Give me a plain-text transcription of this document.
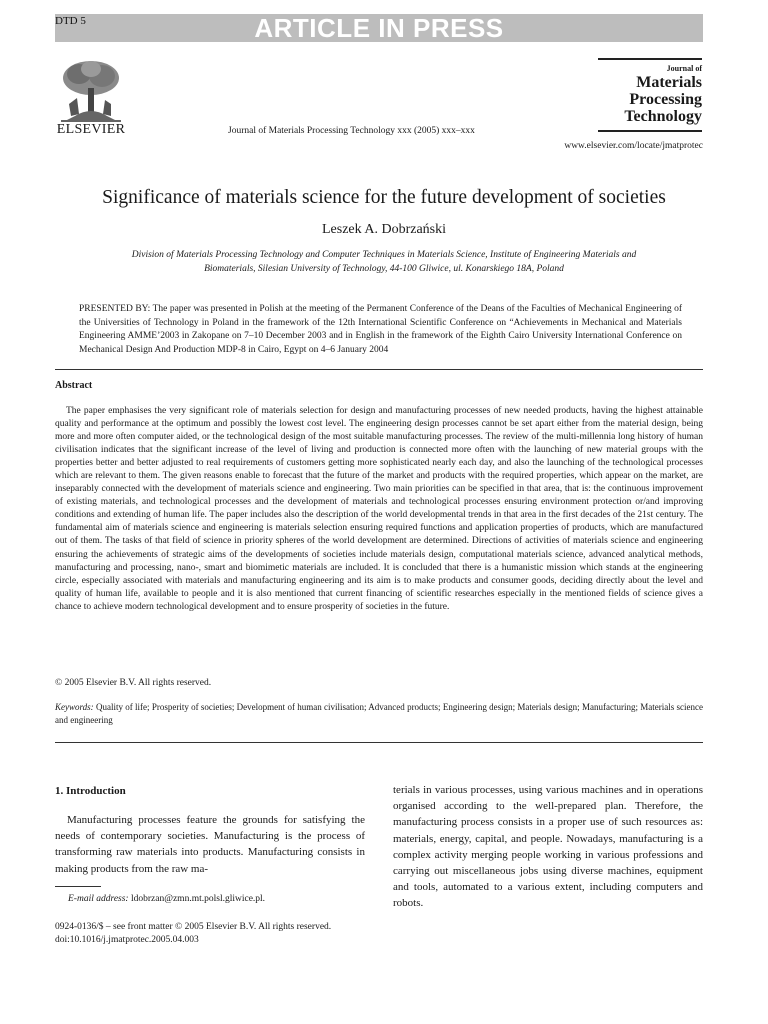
ARTICLE IN PRESS
DTD 5
ELSEVIER	Journal of Materials Processing Technology xxx (2005) xxx–xxx
Journal of
Materials
Processing
Technology
www.elsevier.com/locate/jmatprotec
Significance of materials science for the future development of societies
Leszek A. Dobrzański
Division of Materials Processing Technology and Computer Techniques in Materials Science, Institute of Engineering Materials and Biomaterials, Silesian University of Technology, 44-100 Gliwice, ul. Konarskiego 18A, Poland
PRESENTED BY: The paper was presented in Polish at the meeting of the Permanent Conference of the Deans of the Faculties of Mechanical Engineering of the Universities of Technology in Poland in the framework of the 12th International Scientific Conference on “Achievements in Mechanical and Materials Engineering AMME’2003 in Zakopane on 7–10 December 2003 and in English in the framework of the Eighth Cairo University International Conference on Mechanical Design And Production MDP-8 in Cairo, Egypt on 4–6 January 2004
Abstract
The paper emphasises the very significant role of materials selection for design and manufacturing processes of new needed products, having the highest attainable quality and performance at the optimum and possibly the lowest cost level. The engineering design processes cannot be set apart either from the material design, being more and more often computer aided, or the technological design of the most suitable manufacturing processes. The review of the multi-millennia long history of human civilisation indicates that the significant increase of the level of living and production is connected more often with the launching of new material groups with the properties better and better adjusted to real requirements of customers getting more sophisticated nearly each day, and also the launching of the technological processes which are relevant to them. The given reasons enable to forecast that the future of the market and products with the required properties, which appear on the market, are inseparably connected with the development of materials science and engineering. Two main priorities can be specified in that area, that is: the continuous improvement of existing materials, and technological processes and the development of materials and technological processes ensuring environment protection or/and improving conditions and extending of human life. The paper includes also the description of the world developmental trends in that area in the first decades of the 21st century. The fundamental aim of materials science and engineering is materials selection ensuring required functions and application properties of products, which are manufactured out of them. The tasks of that field of science in priority spheres of the world development are determined. Directions of activities of materials science and engineering ensuring the achievements of strategic aims of the developments of societies include materials design, computational materials science, advanced analytical methods, manufacturing and processing, nano-, smart and biomimetic materials are included. It is concluded that there is a humanistic mission which stands at the engineering circle, especially associated with materials and manufacturing engineering and its aim is to make products and consumer goods, deciding directly about the level and quality of human life, available to people and it is also mentioned that current financing of scientific researches especially in the mentioned fields of science gives a chance to achieve modern technological development and to ensure prosperity of societies in the future.
© 2005 Elsevier B.V. All rights reserved.
Keywords: Quality of life; Prosperity of societies; Development of human civilisation; Advanced products; Engineering design; Materials design; Manufacturing; Materials science and engineering
1. Introduction
Manufacturing processes feature the grounds for satisfying the needs of contemporary societies. Manufacturing is the process of transforming raw materials into products. Manufacturing consists in making products from the raw ma-
terials in various processes, using various machines and in operations organised according to the well-prepared plan. Therefore, the manufacturing process consists in a proper use of such resources as: materials, energy, capital, and people. Nowadays, manufacturing is a complex activity merging people working in various professions and carrying out miscellaneous jobs using diverse machines, equipment and tools, automated to a various extent, including computers and robots.
E-mail address: ldobrzan@zmn.mt.polsl.gliwice.pl.
0924-0136/$ – see front matter © 2005 Elsevier B.V. All rights reserved.
doi:10.1016/j.jmatprotec.2005.04.003
